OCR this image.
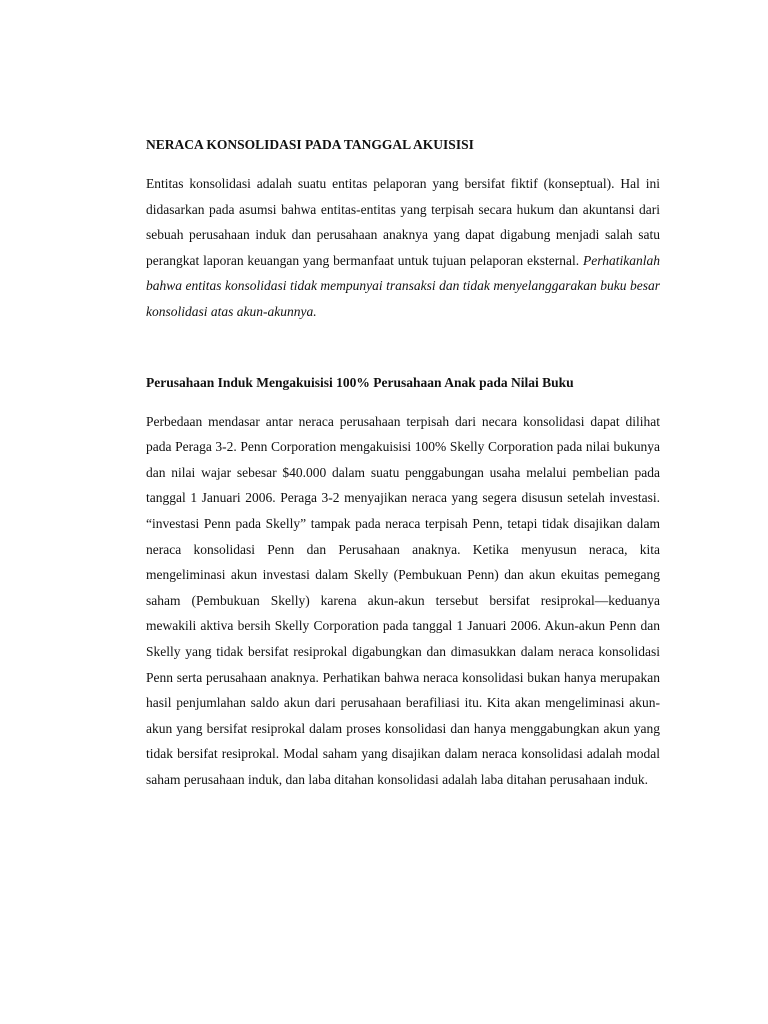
NERACA KONSOLIDASI PADA TANGGAL AKUISISI

Entitas konsolidasi adalah suatu entitas pelaporan yang bersifat fiktif (konseptual). Hal ini didasarkan pada asumsi bahwa entitas-entitas yang terpisah secara hukum dan akuntansi dari sebuah perusahaan induk dan perusahaan anaknya yang dapat digabung menjadi salah satu perangkat laporan keuangan yang bermanfaat untuk tujuan pelaporan eksternal. Perhatikanlah bahwa entitas konsolidasi tidak mempunyai transaksi dan tidak menyelanggarakan buku besar konsolidasi atas akun-akunnya.

Perusahaan Induk Mengakuisisi 100% Perusahaan Anak pada Nilai Buku

Perbedaan mendasar antar neraca perusahaan terpisah dari necara konsolidasi dapat dilihat pada Peraga 3-2. Penn Corporation mengakuisisi 100% Skelly Corporation pada nilai bukunya dan nilai wajar sebesar $40.000 dalam suatu penggabungan usaha melalui pembelian pada tanggal 1 Januari 2006. Peraga 3-2 menyajikan neraca yang segera disusun setelah investasi. “investasi Penn pada Skelly” tampak pada neraca terpisah Penn, tetapi tidak disajikan dalam neraca konsolidasi Penn dan Perusahaan anaknya. Ketika menyusun neraca, kita mengeliminasi akun investasi dalam Skelly (Pembukuan Penn) dan akun ekuitas pemegang saham (Pembukuan Skelly) karena akun-akun tersebut bersifat resiprokal—keduanya mewakili aktiva bersih Skelly Corporation pada tanggal 1 Januari 2006. Akun-akun Penn dan Skelly yang tidak bersifat resiprokal digabungkan dan dimasukkan dalam neraca konsolidasi Penn serta perusahaan anaknya. Perhatikan bahwa neraca konsolidasi bukan hanya merupakan hasil penjumlahan saldo akun dari perusahaan berafiliasi itu. Kita akan mengeliminasi akun-akun yang bersifat resiprokal dalam proses konsolidasi dan hanya menggabungkan akun yang tidak bersifat resiprokal. Modal saham yang disajikan dalam neraca konsolidasi adalah modal saham perusahaan induk, dan laba ditahan konsolidasi adalah laba ditahan perusahaan induk.
